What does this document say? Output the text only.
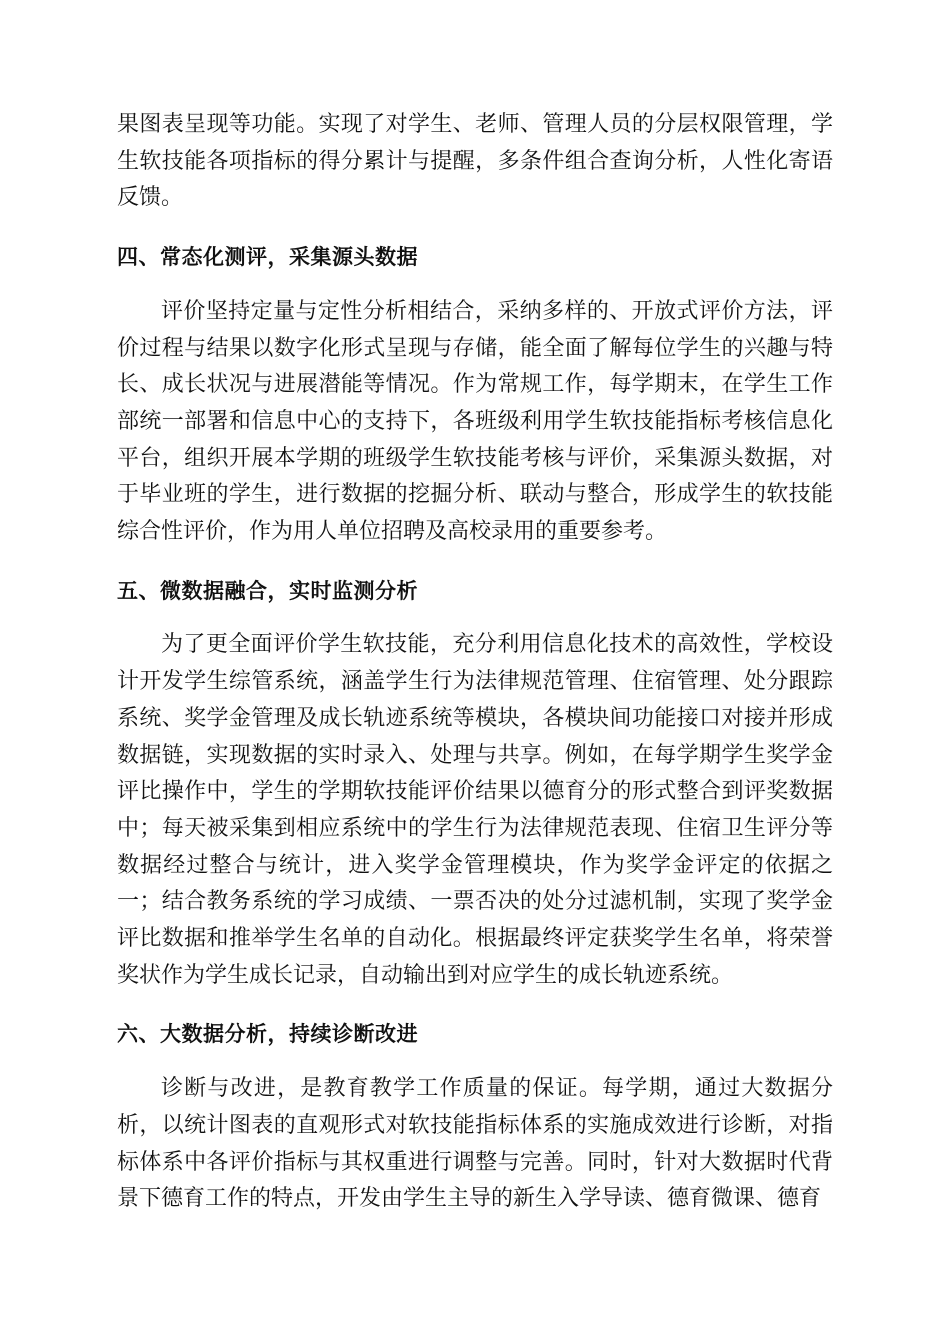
果图表呈现等功能。实现了对学生、老师、管理人员的分层权限管理，学生软技能各项指标的得分累计与提醒，多条件组合查询分析，人性化寄语反馈。

四、常态化测评，采集源头数据

评价坚持定量与定性分析相结合，采纳多样的、开放式评价方法，评价过程与结果以数字化形式呈现与存储，能全面了解每位学生的兴趣与特长、成长状况与进展潜能等情况。作为常规工作，每学期末，在学生工作部统一部署和信息中心的支持下，各班级利用学生软技能指标考核信息化平台，组织开展本学期的班级学生软技能考核与评价，采集源头数据，对于毕业班的学生，进行数据的挖掘分析、联动与整合，形成学生的软技能综合性评价，作为用人单位招聘及高校录用的重要参考。

五、微数据融合，实时监测分析

为了更全面评价学生软技能，充分利用信息化技术的高效性，学校设计开发学生综管系统，涵盖学生行为法律规范管理、住宿管理、处分跟踪系统、奖学金管理及成长轨迹系统等模块，各模块间功能接口对接并形成数据链，实现数据的实时录入、处理与共享。例如，在每学期学生奖学金评比操作中，学生的学期软技能评价结果以德育分的形式整合到评奖数据中；每天被采集到相应系统中的学生行为法律规范表现、住宿卫生评分等数据经过整合与统计，进入奖学金管理模块，作为奖学金评定的依据之一；结合教务系统的学习成绩、一票否决的处分过滤机制，实现了奖学金评比数据和推举学生名单的自动化。根据最终评定获奖学生名单，将荣誉奖状作为学生成长记录，自动输出到对应学生的成长轨迹系统。

六、大数据分析，持续诊断改进

诊断与改进，是教育教学工作质量的保证。每学期，通过大数据分析，以统计图表的直观形式对软技能指标体系的实施成效进行诊断，对指标体系中各评价指标与其权重进行调整与完善。同时，针对大数据时代背景下德育工作的特点，开发由学生主导的新生入学导读、德育微课、德育
